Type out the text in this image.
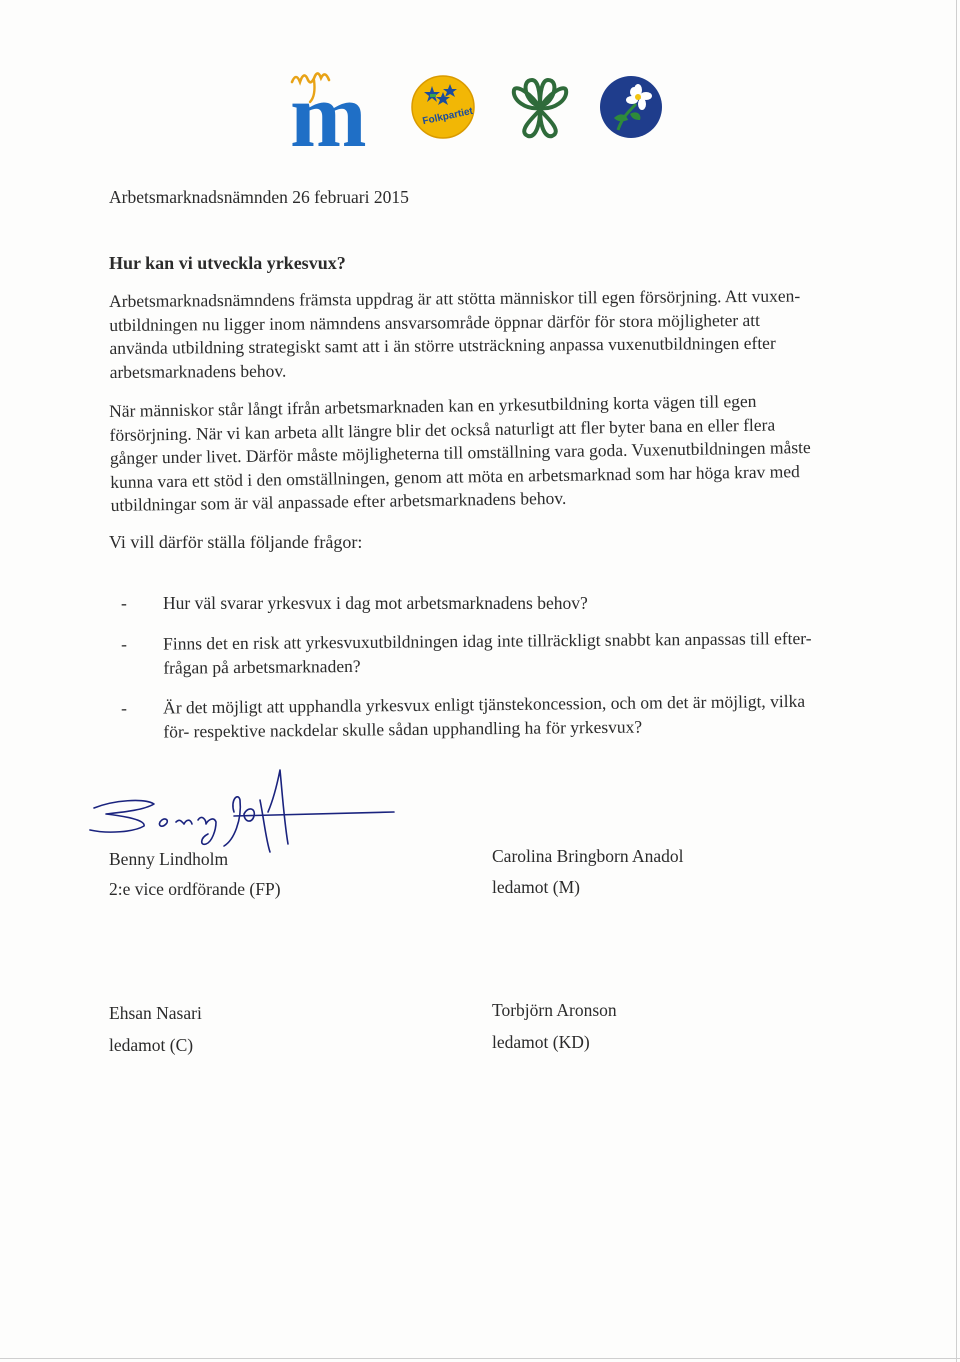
m	Folkpartiet
Arbetsmarknadsnämnden 26 februari 2015
Hur kan vi utveckla yrkesvux?
Arbetsmarknadsnämndens främsta uppdrag är att stötta människor till egen försörjning. Att vuxen-
utbildningen nu ligger inom nämndens ansvarsområde öppnar därför för stora möjligheter att
använda utbildning strategiskt samt att i än större utsträckning anpassa vuxenutbildningen efter
arbetsmarknadens behov.
När människor står långt ifrån arbetsmarknaden kan en yrkesutbildning korta vägen till egen
försörjning. När vi kan arbeta allt längre blir det också naturligt att fler byter bana en eller flera
gånger under livet. Därför måste möjligheterna till omställning vara goda. Vuxenutbildningen måste
kunna vara ett stöd i den omställningen, genom att möta en arbetsmarknad som har höga krav med
utbildningar som är väl anpassade efter arbetsmarknadens behov.
Vi vill därför ställa följande frågor:
- Hur väl svarar yrkesvux i dag mot arbetsmarknadens behov?
- Finns det en risk att yrkesvuxutbildningen idag inte tillräckligt snabbt kan anpassas till efter-
frågan på arbetsmarknaden?
- Är det möjligt att upphandla yrkesvux enligt tjänstekoncession, och om det är möjligt, vilka
för- respektive nackdelar skulle sådan upphandling ha för yrkesvux?
Benny Lindholm
2:e vice ordförande (FP)
Carolina Bringborn Anadol
ledamot (M)
Ehsan Nasari
ledamot (C)
Torbjörn Aronson
ledamot (KD)
